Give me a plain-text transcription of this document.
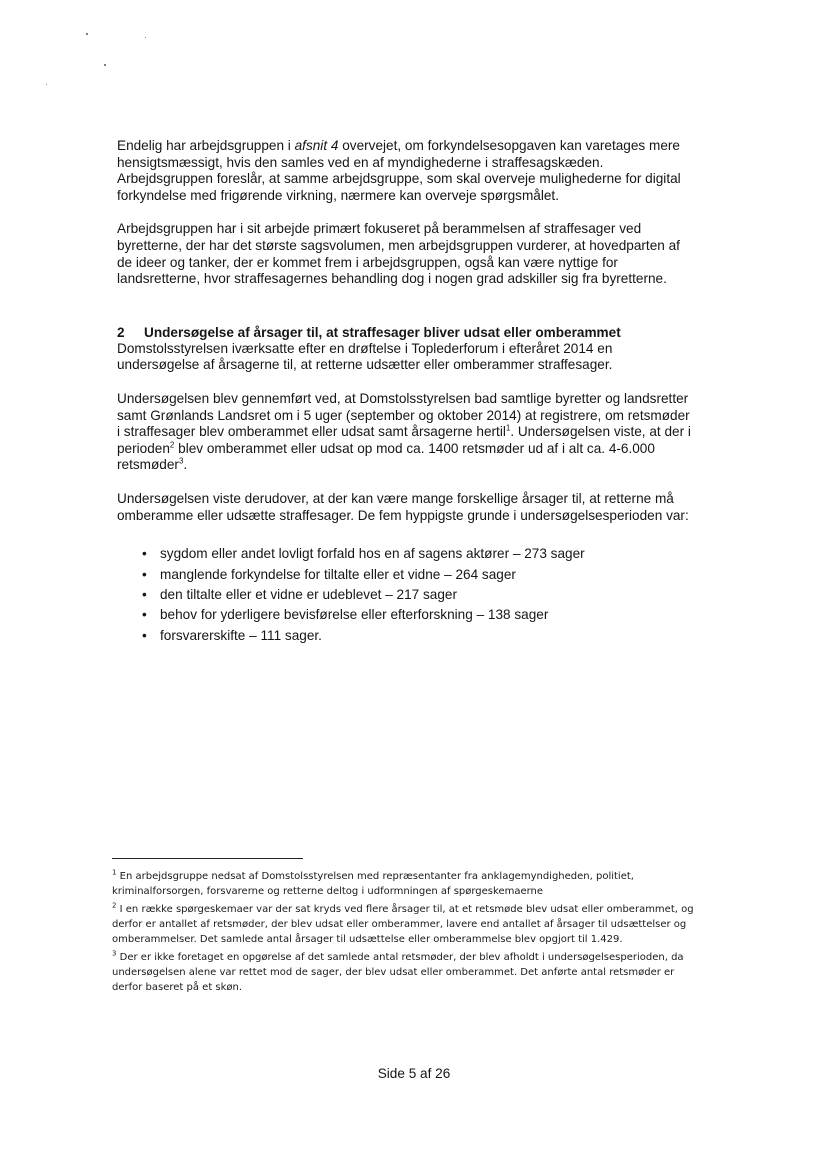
Endelig har arbejdsgruppen i afsnit 4 overvejet, om forkyndelsesopgaven kan varetages mere hensigtsmæssigt, hvis den samles ved en af myndighederne i straffesagskæden. Arbejdsgruppen foreslår, at samme arbejdsgruppe, som skal overveje mulighederne for digital forkyndelse med frigørende virkning, nærmere kan overveje spørgsmålet.

Arbejdsgruppen har i sit arbejde primært fokuseret på berammelsen af straffesager ved byretterne, der har det største sagsvolumen, men arbejdsgruppen vurderer, at hovedparten af de ideer og tanker, der er kommet frem i arbejdsgruppen, også kan være nyttige for landsretterne, hvor straffesagernes behandling dog i nogen grad adskiller sig fra byretterne.

2	Undersøgelse af årsager til, at straffesager bliver udsat eller omberammet

Domstolsstyrelsen iværksatte efter en drøftelse i Toplederforum i efteråret 2014 en undersøgelse af årsagerne til, at retterne udsætter eller omberammer straffesager.

Undersøgelsen blev gennemført ved, at Domstolsstyrelsen bad samtlige byretter og landsretter samt Grønlands Landsret om i 5 uger (september og oktober 2014) at registrere, om retsmøder i straffesager blev omberammet eller udsat samt årsagerne hertil$^1$. Undersøgelsen viste, at der i perioden$^2$ blev omberammet eller udsat op mod ca. 1400 retsmøder ud af i alt ca. 4-6.000 retsmøder$^3$.

Undersøgelsen viste derudover, at der kan være mange forskellige årsager til, at retterne må omberamme eller udsætte straffesager. De fem hyppigste grunde i undersøgelsesperioden var:

• sygdom eller andet lovligt forfald hos en af sagens aktører – 273 sager
• manglende forkyndelse for tiltalte eller et vidne – 264 sager
• den tiltalte eller et vidne er udeblevet – 217 sager
• behov for yderligere bevisførelse eller efterforskning – 138 sager
• forsvarerskifte – 111 sager.

$^1$ En arbejdsgruppe nedsat af Domstolsstyrelsen med repræsentanter fra anklagemyndigheden, politiet, kriminalforsorgen, forsvarerne og retterne deltog i udformningen af spørgeskemaerne

$^2$ I en række spørgeskemaer var der sat kryds ved flere årsager til, at et retsmøde blev udsat eller omberammet, og derfor er antallet af retsmøder, der blev udsat eller omberammer, lavere end antallet af årsager til udsættelser og omberammelser. Det samlede antal årsager til udsættelse eller omberammelse blev opgjort til 1.429.

$^3$ Der er ikke foretaget en opgørelse af det samlede antal retsmøder, der blev afholdt i undersøgelsesperioden, da undersøgelsen alene var rettet mod de sager, der blev udsat eller omberammet. Det anførte antal retsmøder er derfor baseret på et skøn.

Side 5 af 26
